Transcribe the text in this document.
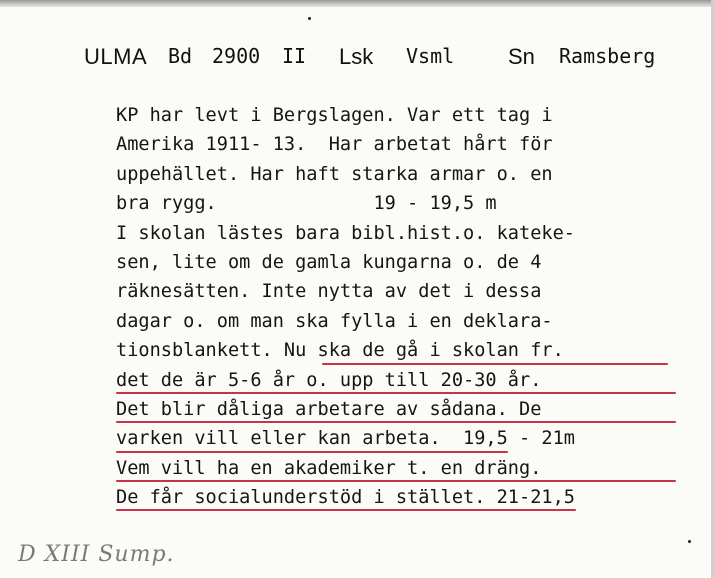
ULMA Bd 2900 II Lsk Vsml Sn Ramsberg
KP har levt i Bergslagen. Var ett tag i
Amerika 1911- 13.  Har arbetat hårt för
uppehället. Har haft starka armar o. en
bra rygg.              19 - 19,5 m
I skolan lästes bara bibl.hist.o. kateke-
sen, lite om de gamla kungarna o. de 4
räknesätten. Inte nytta av det i dessa
dagar o. om man ska fylla i en deklara-
tionsblankett. Nu ska de gå i skolan fr.
det de är 5-6 år o. upp till 20-30 år.
Det blir dåliga arbetare av sådana. De
varken vill eller kan arbeta.  19,5 - 21m
Vem vill ha en akademiker t. en dräng.
De får socialunderstöd i stället. 21-21,5
D XIII Sump.
